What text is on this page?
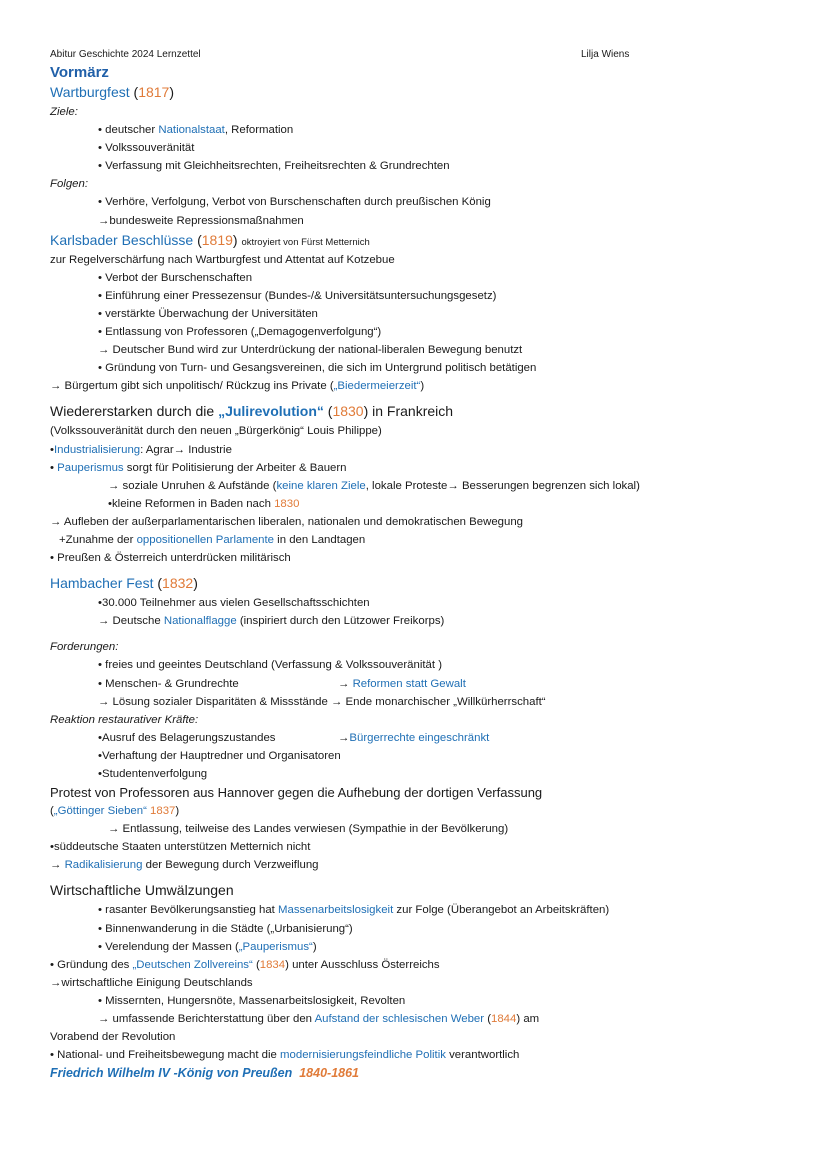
Abitur Geschichte 2024 Lernzettel	Lilja Wiens
Vormärz
Wartburgfest (1817)
Ziele:
• deutscher Nationalstaat, Reformation
• Volkssouveränität
• Verfassung mit Gleichheitsrechten, Freiheitsrechten & Grundrechten
Folgen:
• Verhöre, Verfolgung, Verbot von Burschenschaften durch preußischen König
→bundesweite Repressionsmaßnahmen
Karlsbader Beschlüsse (1819) oktroyiert von Fürst Metternich
zur Regelverschärfung nach Wartburgfest und Attentat auf Kotzebue
• Verbot der Burschenschaften
• Einführung einer Pressezensur (Bundes-/& Universitätsuntersuchungsgesetz)
• verstärkte Überwachung der Universitäten
• Entlassung von Professoren („Demagogenverfolgung“)
→ Deutscher Bund wird zur Unterdrückung der national-liberalen Bewegung benutzt
• Gründung von Turn- und Gesangsvereinen, die sich im Untergrund politisch betätigen
→ Bürgertum gibt sich unpolitisch/ Rückzug ins Private („Biedermeierzeit“)
Wiedererstarken durch die „Julirevolution“ (1830) in Frankreich
(Volkssouveränität durch den neuen „Bürgerkönig“ Louis Philippe)
•Industrialisierung: Agrar→ Industrie
• Pauperismus sorgt für Politisierung der Arbeiter & Bauern
→ soziale Unruhen & Aufstände (keine klaren Ziele, lokale Proteste→ Besserungen begrenzen sich lokal)
•kleine Reformen in Baden nach 1830
→ Aufleben der außerparlamentarischen liberalen, nationalen und demokratischen Bewegung
+Zunahme der oppositionellen Parlamente in den Landtagen
• Preußen & Österreich unterdrücken militärisch
Hambacher Fest (1832)
•30.000 Teilnehmer aus vielen Gesellschaftsschichten
→ Deutsche Nationalflagge (inspiriert durch den Lützower Freikorps)
Forderungen:
• freies und geeintes Deutschland (Verfassung & Volkssouveränität )
• Menschen- & Grundrechte	→ Reformen statt Gewalt
→ Lösung sozialer Disparitäten & Missstände → Ende monarchischer „Willkürherrschaft“
Reaktion restaurativer Kräfte:
•Ausruf des Belagerungszustandes	→Bürgerrechte eingeschränkt
•Verhaftung der Hauptredner und Organisatoren
•Studentenverfolgung
Protest von Professoren aus Hannover gegen die Aufhebung der dortigen Verfassung
(„Göttinger Sieben“ 1837)
→ Entlassung, teilweise des Landes verwiesen (Sympathie in der Bevölkerung)
•süddeutsche Staaten unterstützen Metternich nicht
→ Radikalisierung der Bewegung durch Verzweiflung
Wirtschaftliche Umwälzungen
• rasanter Bevölkerungsanstieg hat Massenarbeitslosigkeit zur Folge (Überangebot an Arbeitskräften)
• Binnenwanderung in die Städte („Urbanisierung“)
• Verelendung der Massen („Pauperismus“)
• Gründung des „Deutschen Zollvereins“ (1834) unter Ausschluss Österreichs
→wirtschaftliche Einigung Deutschlands
• Missernten, Hungersnöte, Massenarbeitslosigkeit, Revolten
→ umfassende Berichterstattung über den Aufstand der schlesischen Weber (1844) am
Vorabend der Revolution
• National- und Freiheitsbewegung macht die modernisierungsfeindliche Politik verantwortlich
Friedrich Wilhelm IV -König von Preußen 1840-1861
